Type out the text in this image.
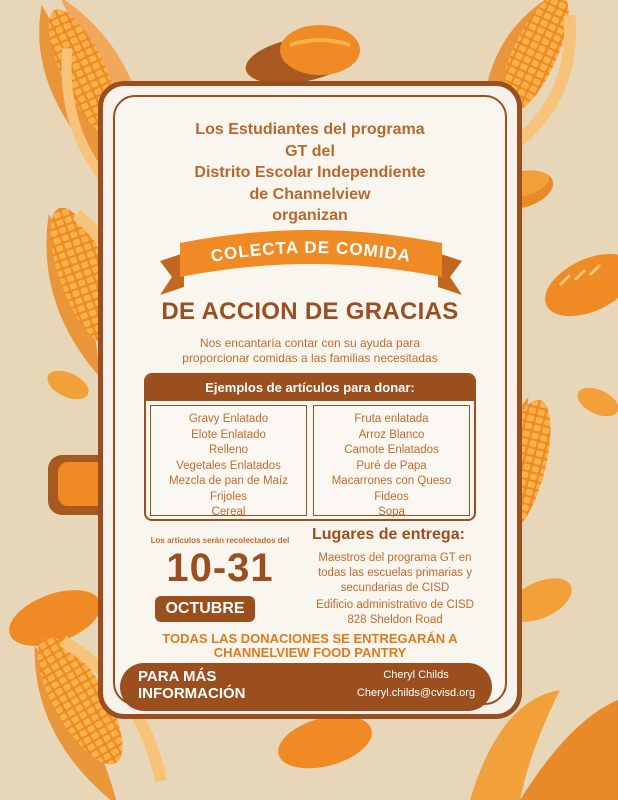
Los Estudiantes del programa
GT del
Distrito Escolar Independiente
de Channelview
organizan
COLECTA DE COMIDA
DE ACCION DE GRACIAS
Nos encantaría contar con su ayuda para
proporcionar comidas a las familias necesitadas
Ejemplos de artículos para donar:
Gravy Enlatado
Elote Enlatado
Relleno
Vegetales Enlatados
Mezcla de pan de Maíz
Frijoles
Cereal
Fruta enlatada
Arroz Blanco
Camote Enlatados
Puré de Papa
Macarrones con Queso
Fideos
Sopa
Los artículos serán recolectados del
10-31
OCTUBRE
Lugares de entrega:
Maestros del programa GT en todas las escuelas primarias y secundarias de CISD
Edificio administrativo de CISD 828 Sheldon Road
TODAS LAS DONACIONES SE ENTREGARÁN A
CHANNELVIEW FOOD PANTRY
PARA MÁS
INFORMACIÓN
Cheryl Childs
Cheryl.childs@cvisd.org
